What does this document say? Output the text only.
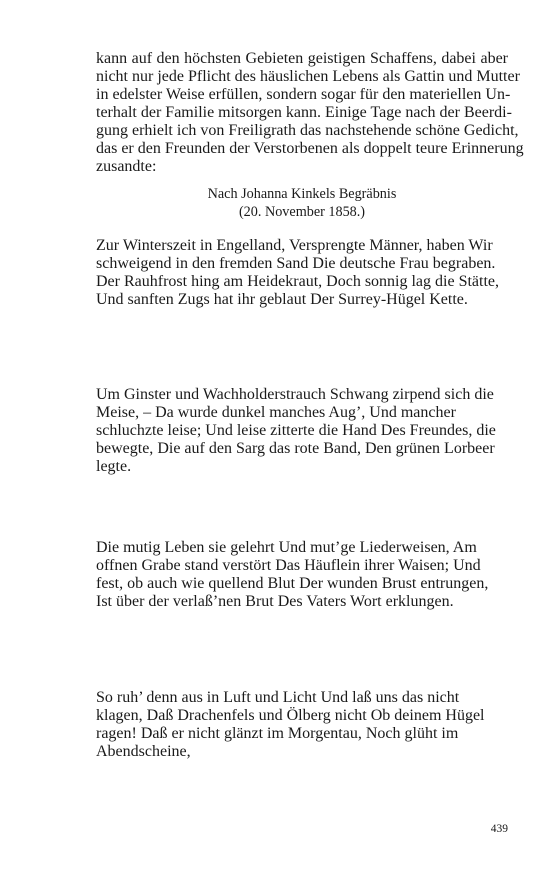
kann auf den höchsten Gebieten geistigen Schaffens, dabei aber
nicht nur jede Pflicht des häuslichen Lebens als Gattin und Mutter
in edelster Weise erfüllen, sondern sogar für den materiellen Un-
terhalt der Familie mitsorgen kann. Einige Tage nach der Beerdi-
gung erhielt ich von Freiligrath das nachstehende schöne Gedicht,
das er den Freunden der Verstorbenen als doppelt teure Erinnerung
zusandte:
Nach Johanna Kinkels Begräbnis
(20. November 1858.)
Zur Winterszeit in Engelland, Versprengte Männer, haben Wir schweigend in den fremden Sand Die deutsche Frau begraben. Der Rauhfrost hing am Heidekraut, Doch sonnig lag die Stätte, Und sanften Zugs hat ihr geblaut Der Surrey-Hügel Kette.
Um Ginster und Wachholderstrauch Schwang zirpend sich die Meise, – Da wurde dunkel manches Aug’, Und mancher schluchzte leise; Und leise zitterte die Hand Des Freundes, die bewegte, Die auf den Sarg das rote Band, Den grünen Lorbeer legte.
Die mutig Leben sie gelehrt Und mut’ge Liederweisen, Am offnen Grabe stand verstört Das Häuflein ihrer Waisen; Und fest, ob auch wie quellend Blut Der wunden Brust entrungen, Ist über der verlaß’nen Brut Des Vaters Wort erklungen.
So ruh’ denn aus in Luft und Licht Und laß uns das nicht klagen, Daß Drachenfels und Ölberg nicht Ob deinem Hügel ragen! Daß er nicht glänzt im Morgentau, Noch glüht im Abendscheine,
439
